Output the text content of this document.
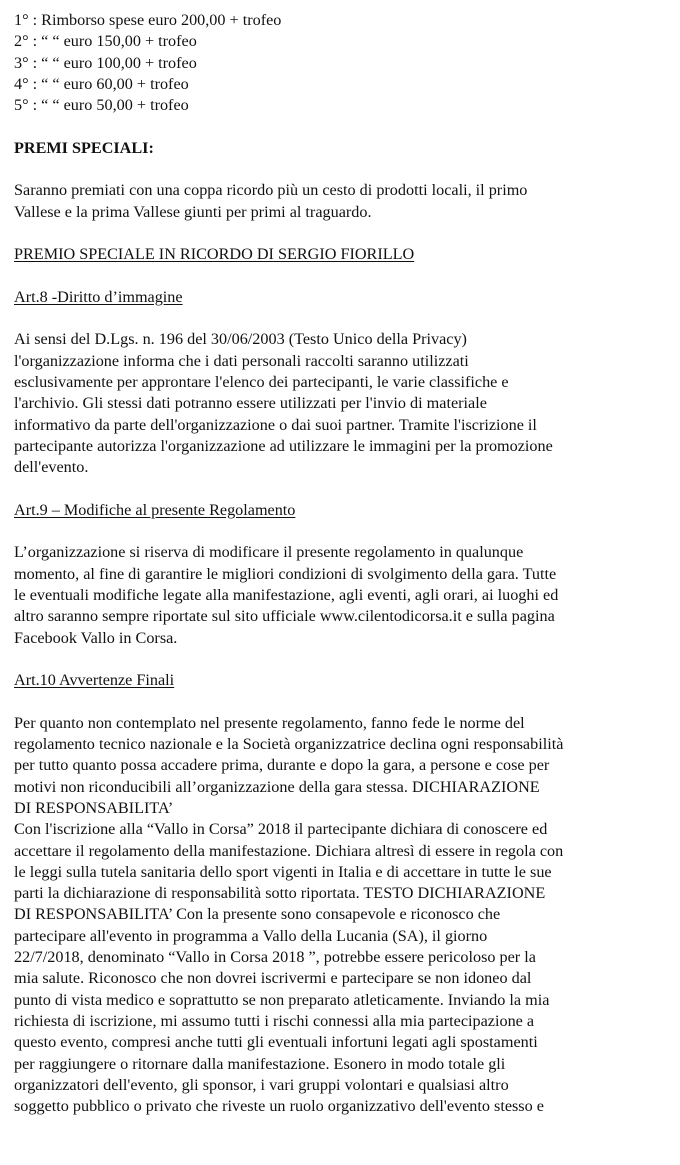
1° : Rimborso spese euro 200,00 + trofeo
2° : “ “ euro 150,00 + trofeo
3° : “ “ euro 100,00 + trofeo
4° : “ “ euro 60,00 + trofeo
5° : “ “ euro 50,00 + trofeo
PREMI SPECIALI:
Saranno premiati con una coppa ricordo più un cesto di prodotti locali, il primo
Vallese e la prima Vallese giunti per primi al traguardo.
PREMIO SPECIALE IN RICORDO DI SERGIO FIORILLO
Art.8 -Diritto d’immagine
Ai sensi del D.Lgs. n. 196 del 30/06/2003 (Testo Unico della Privacy)
l'organizzazione informa che i dati personali raccolti saranno utilizzati
esclusivamente per approntare l'elenco dei partecipanti, le varie classifiche e
l'archivio. Gli stessi dati potranno essere utilizzati per l'invio di materiale
informativo da parte dell'organizzazione o dai suoi partner. Tramite l'iscrizione il
partecipante autorizza l'organizzazione ad utilizzare le immagini per la promozione
dell'evento.
Art.9 – Modifiche al presente Regolamento
L’organizzazione si riserva di modificare il presente regolamento in qualunque
momento, al fine di garantire le migliori condizioni di svolgimento della gara. Tutte
le eventuali modifiche legate alla manifestazione, agli eventi, agli orari, ai luoghi ed
altro saranno sempre riportate sul sito ufficiale www.cilentodicorsa.it e sulla pagina
Facebook Vallo in Corsa.
Art.10 Avvertenze Finali
Per quanto non contemplato nel presente regolamento, fanno fede le norme del
regolamento tecnico nazionale e la Società organizzatrice declina ogni responsabilità
per tutto quanto possa accadere prima, durante e dopo la gara, a persone e cose per
motivi non riconducibili all’organizzazione della gara stessa. DICHIARAZIONE
DI RESPONSABILITA’
Con l'iscrizione alla “Vallo in Corsa” 2018 il partecipante dichiara di conoscere ed
accettare il regolamento della manifestazione. Dichiara altresì di essere in regola con
le leggi sulla tutela sanitaria dello sport vigenti in Italia e di accettare in tutte le sue
parti la dichiarazione di responsabilità sotto riportata. TESTO DICHIARAZIONE
DI RESPONSABILITA’ Con la presente sono consapevole e riconosco che
partecipare all'evento in programma a Vallo della Lucania (SA), il giorno
22/7/2018, denominato “Vallo in Corsa 2018 ”, potrebbe essere pericoloso per la
mia salute. Riconosco che non dovrei iscrivermi e partecipare se non idoneo dal
punto di vista medico e soprattutto se non preparato atleticamente. Inviando la mia
richiesta di iscrizione, mi assumo tutti i rischi connessi alla mia partecipazione a
questo evento, compresi anche tutti gli eventuali infortuni legati agli spostamenti
per raggiungere o ritornare dalla manifestazione. Esonero in modo totale gli
organizzatori dell'evento, gli sponsor, i vari gruppi volontari e qualsiasi altro
soggetto pubblico o privato che riveste un ruolo organizzativo dell'evento stesso e
